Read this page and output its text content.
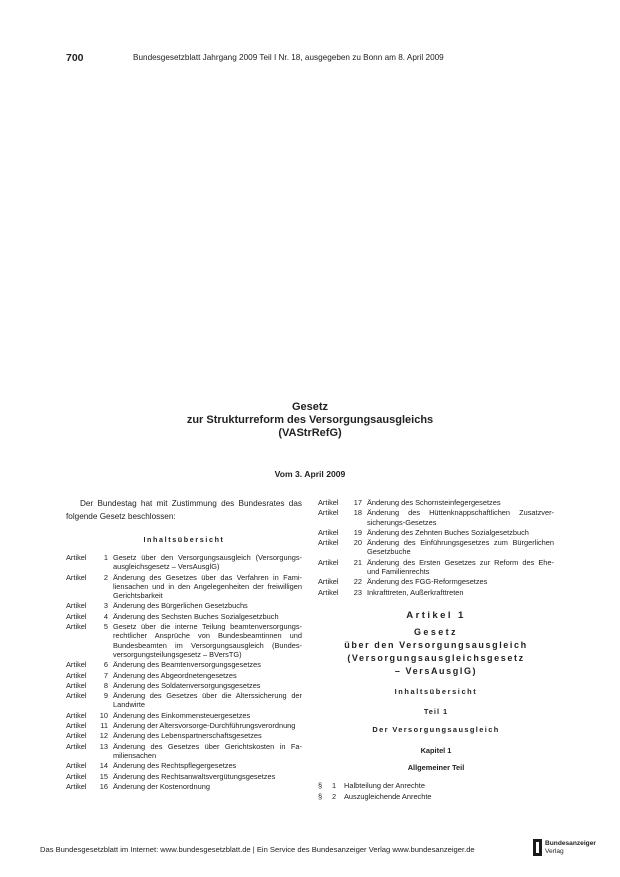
700	Bundesgesetzblatt Jahrgang 2009 Teil I Nr. 18, ausgegeben zu Bonn am 8. April 2009
Gesetz
zur Strukturreform des Versorgungsausgleichs
(VAStrRefG)
Vom 3. April 2009
Der Bundestag hat mit Zustimmung des Bundesrates das folgende Gesetz beschlossen:
Inhaltsübersicht
Artikel	1 Gesetz über den Versorgungsausgleich (Versorgungsausgleichsgesetz – VersAusglG)
Artikel	2 Änderung des Gesetzes über das Verfahren in Familiensachen und in den Angelegenheiten der freiwilligen Gerichtsbarkeit
Artikel	3 Änderung des Bürgerlichen Gesetzbuchs
Artikel	4 Änderung des Sechsten Buches Sozialgesetzbuch
Artikel	5 Gesetz über die interne Teilung beamtenversorgungsrechtlicher Ansprüche von Bundesbeamtinnen und Bundesbeamten im Versorgungsausgleich (Bundesversorgungsteilungsgesetz – BVersTG)
Artikel	6 Änderung des Beamtenversorgungsgesetzes
Artikel	7 Änderung des Abgeordnetengesetzes
Artikel	8 Änderung des Soldatenversorgungsgesetzes
Artikel	9 Änderung des Gesetzes über die Alterssicherung der Landwirte
Artikel	10 Änderung des Einkommensteuergesetzes
Artikel	11 Änderung der Altersvorsorge-Durchführungsverordnung
Artikel	12 Änderung des Lebenspartnerschaftsgesetzes
Artikel	13 Änderung des Gesetzes über Gerichtskosten in Familiensachen
Artikel	14 Änderung des Rechtspflegergesetzes
Artikel	15 Änderung des Rechtsanwaltsvergütungsgesetzes
Artikel	16 Änderung der Kostenordnung
Artikel	17 Änderung des Schornsteinfegergesetzes
Artikel	18 Änderung des Hüttenknappschaftlichen Zusatzversicherungs-Gesetzes
Artikel	19 Änderung des Zehnten Buches Sozialgesetzbuch
Artikel	20 Änderung des Einführungsgesetzes zum Bürgerlichen Gesetzbuche
Artikel	21 Änderung des Ersten Gesetzes zur Reform des Ehe- und Familienrechts
Artikel	22 Änderung des FGG-Reformgesetzes
Artikel	23 Inkrafttreten, Außerkrafttreten
Artikel 1
Gesetz
über den Versorgungsausgleich
(Versorgungsausgleichsgesetz
– VersAusglG)
Inhaltsübersicht
Teil 1
Der Versorgungsausgleich
Kapitel 1
Allgemeiner Teil
§	1	Halbteilung der Anrechte
§	2	Auszugleichende Anrechte
Das Bundesgesetzblatt im Internet: www.bundesgesetzblatt.de | Ein Service des Bundesanzeiger Verlag www.bundesanzeiger.de
Bundesanzeiger
Verlag
